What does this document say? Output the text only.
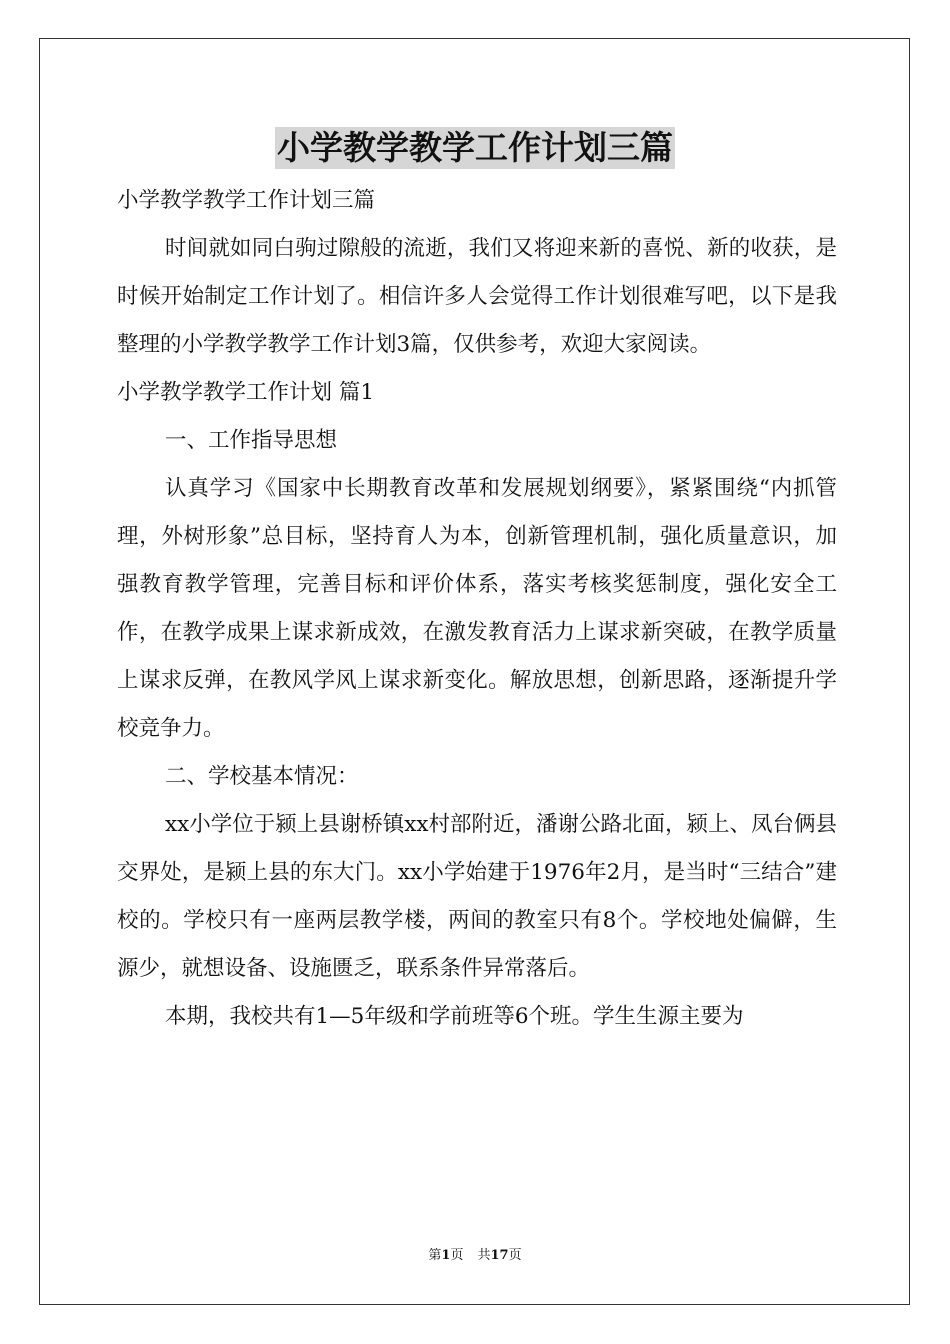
小学教学教学工作计划三篇

小学教学教学工作计划三篇

时间就如同白驹过隙般的流逝，我们又将迎来新的喜悦、新的收获，是时候开始制定工作计划了。相信许多人会觉得工作计划很难写吧，以下是我整理的小学教学教学工作计划3篇，仅供参考，欢迎大家阅读。

小学教学教学工作计划 篇1

一、工作指导思想

认真学习《国家中长期教育改革和发展规划纲要》，紧紧围绕“内抓管理，外树形象”总目标，坚持育人为本，创新管理机制，强化质量意识，加强教育教学管理，完善目标和评价体系，落实考核奖惩制度，强化安全工作，在教学成果上谋求新成效，在激发教育活力上谋求新突破，在教学质量上谋求反弹，在教风学风上谋求新变化。解放思想，创新思路，逐渐提升学校竞争力。

二、学校基本情况：

xx小学位于颍上县谢桥镇xx村部附近，潘谢公路北面，颍上、凤台俩县交界处，是颍上县的东大门。xx小学始建于1976年2月，是当时“三结合”建校的。学校只有一座两层教学楼，两间的教室只有8个。学校地处偏僻，生源少，就想设备、设施匮乏，联系条件异常落后。

本期，我校共有1—5年级和学前班等6个班。学生生源主要为

第1页 共17页
